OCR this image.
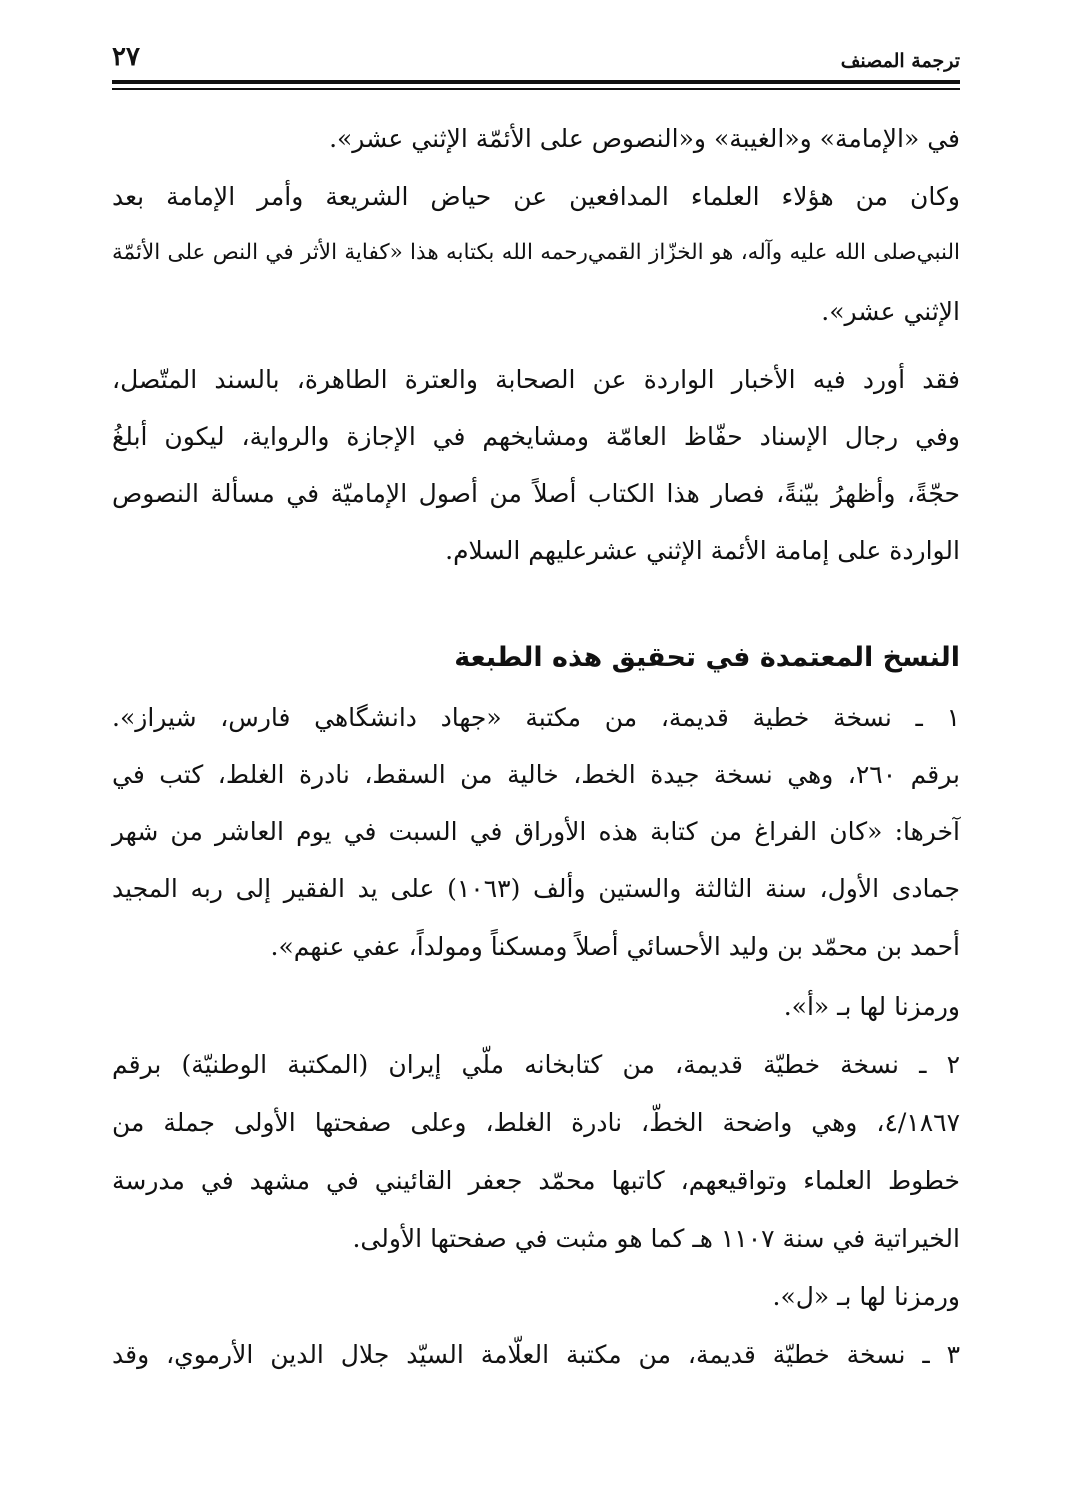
٢٧	ترجمة المصنف
في «الإمامة» و«الغيبة» و«النصوص على الأئمّة الإثني عشر».
وكان من هؤلاء العلماء المدافعين عن حياض الشريعة وأمر الإمامة بعد
النبي‌صلى الله عليه وآله، هو الخزّاز القمي‌رحمه الله بكتابه هذا «كفاية الأثر في النص على الأئمّة
الإثني عشر».
فقد أورد فيه الأخبار الواردة عن الصحابة والعترة الطاهرة، بالسند المتّصل،
وفي رجال الإسناد حفّاظ العامّة ومشايخهم في الإجازة والرواية، ليكون أبلغُ
حجّةً، وأظهرُ بيّنةً، فصار هذا الكتاب أصلاً من أصول الإماميّة في مسألة النصوص
الواردة على إمامة الأئمة الإثني عشرعليهم السلام.
النسخ المعتمدة في تحقيق هذه الطبعة
١ ـ نسخة خطية قديمة، من مكتبة «جهاد دانشگاهي فارس، شيراز».
برقم ٢٦٠، وهي نسخة جيدة الخط، خالية من السقط، نادرة الغلط، كتب في
آخرها: «كان الفراغ من كتابة هذه الأوراق في السبت في يوم العاشر من شهر
جمادى الأول، سنة الثالثة والستين وألف (١٠٦٣) على يد الفقير إلى ربه المجيد
أحمد بن محمّد بن وليد الأحسائي أصلاً ومسكناً ومولداً، عفي عنهم».
ورمزنا لها بـ «أ».
٢ ـ نسخة خطيّة قديمة، من كتابخانه ملّي إيران (المكتبة الوطنيّة) برقم
٤/١٨٦٧، وهي واضحة الخطّ، نادرة الغلط، وعلى صفحتها الأولى جملة من
خطوط العلماء وتواقيعهم، كاتبها محمّد جعفر القائيني في مشهد في مدرسة
الخيراتية في سنة ١١٠٧ هـ كما هو مثبت في صفحتها الأولى.
ورمزنا لها بـ «ل».
٣ ـ نسخة خطيّة قديمة، من مكتبة العلّامة السيّد جلال الدين الأرموي، وقد
